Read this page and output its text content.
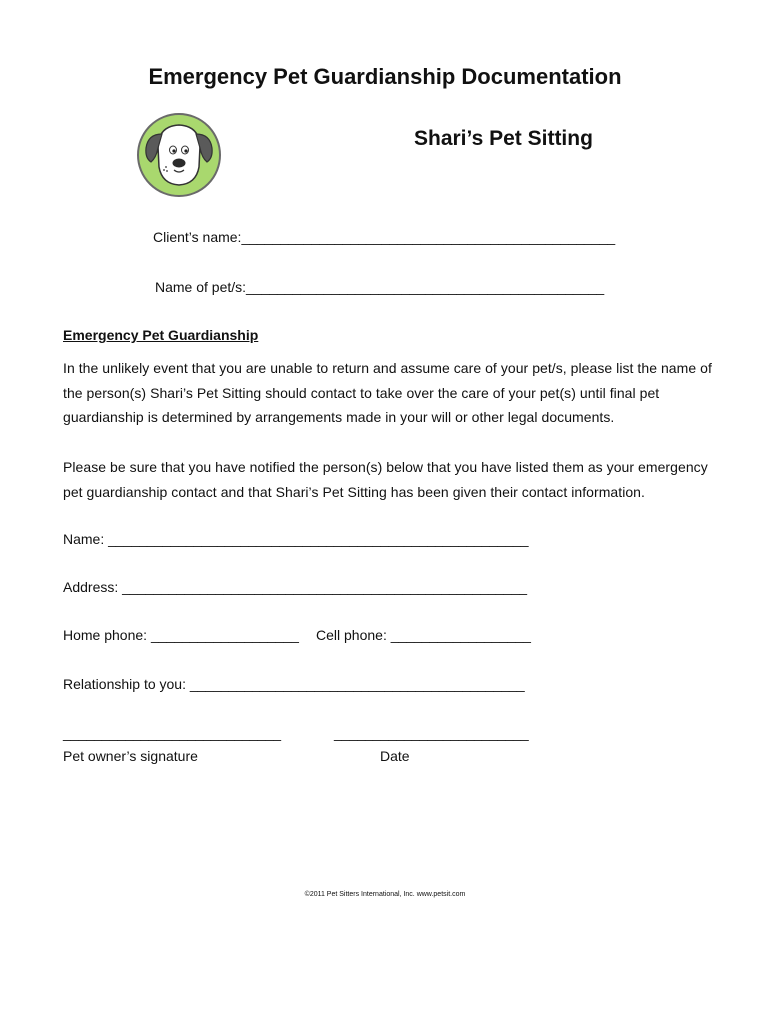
Emergency Pet Guardianship Documentation
Shari’s Pet Sitting
Client’s name:________________________________________________
Name of pet/s:______________________________________________
Emergency Pet Guardianship
In the unlikely event that you are unable to return and assume care of your pet/s, please list the name of
the person(s) Shari’s Pet Sitting should contact to take over the care of your pet(s) until final pet
guardianship is determined by arrangements made in your will or other legal documents.
Please be sure that you have notified the person(s) below that you have listed them as your emergency
pet guardianship contact and that Shari’s Pet Sitting has been given their contact information.
Name: ______________________________________________________
Address: ____________________________________________________
Home phone: ___________________ Cell phone: __________________
Relationship to you: ___________________________________________
____________________________	_________________________
Pet owner’s signature	Date
©2011 Pet Sitters International, Inc. www.petsit.com
